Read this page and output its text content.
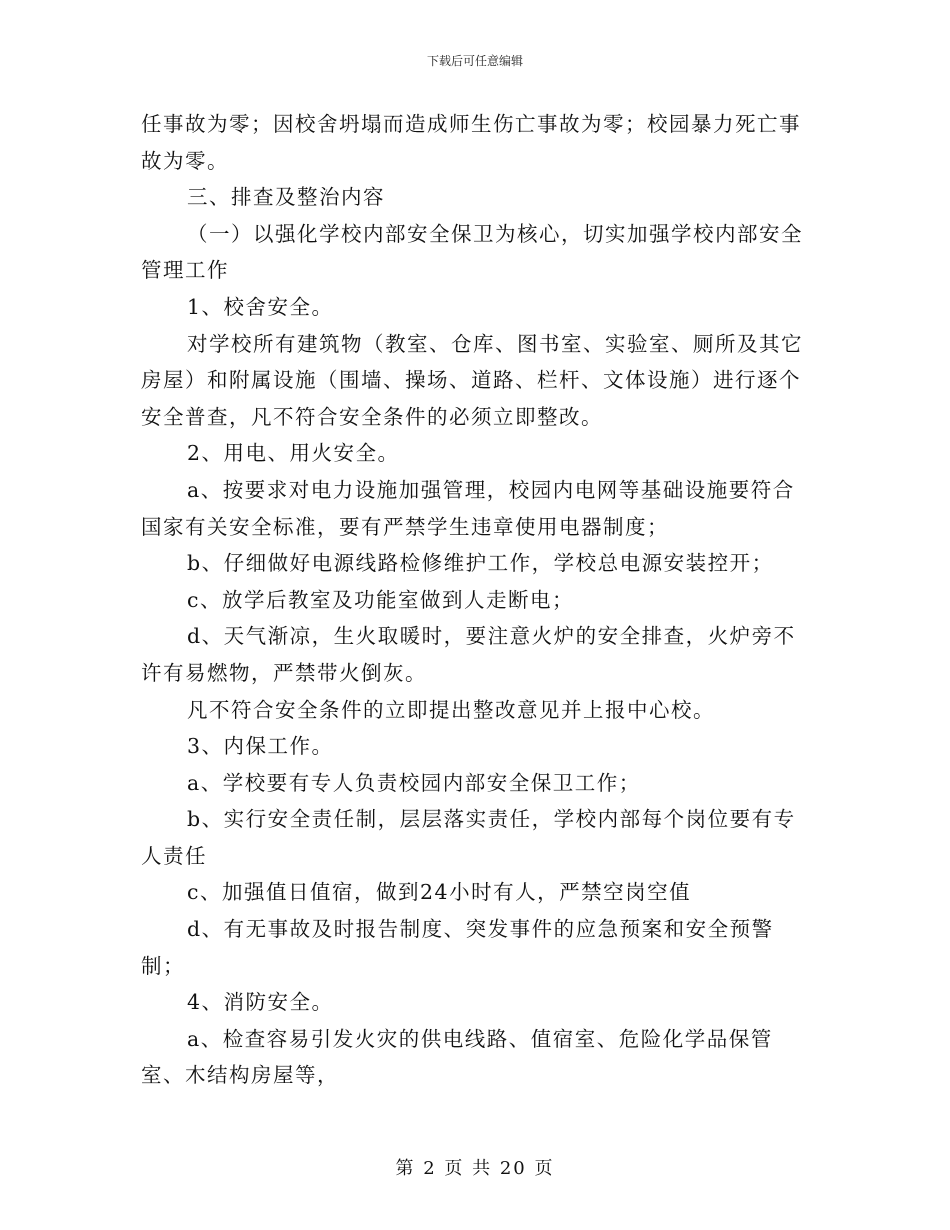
下载后可任意编辑

任事故为零；因校舍坍塌而造成师生伤亡事故为零；校园暴力死亡事故为零。

三、排查及整治内容

（一）以强化学校内部安全保卫为核心，切实加强学校内部安全管理工作

1、校舍安全。

对学校所有建筑物（教室、仓库、图书室、实验室、厕所及其它房屋）和附属设施（围墙、操场、道路、栏杆、文体设施）进行逐个安全普查，凡不符合安全条件的必须立即整改。

2、用电、用火安全。

a、按要求对电力设施加强管理，校园内电网等基础设施要符合国家有关安全标准，要有严禁学生违章使用电器制度；

b、仔细做好电源线路检修维护工作，学校总电源安装控开；

c、放学后教室及功能室做到人走断电；

d、天气渐凉，生火取暖时，要注意火炉的安全排查，火炉旁不许有易燃物，严禁带火倒灰。

凡不符合安全条件的立即提出整改意见并上报中心校。

3、内保工作。

a、学校要有专人负责校园内部安全保卫工作；

b、实行安全责任制，层层落实责任，学校内部每个岗位要有专人责任

c、加强值日值宿，做到24小时有人，严禁空岗空值

d、有无事故及时报告制度、突发事件的应急预案和安全预警制；

4、消防安全。

a、检查容易引发火灾的供电线路、值宿室、危险化学品保管室、木结构房屋等，

第 2 页 共 20 页
